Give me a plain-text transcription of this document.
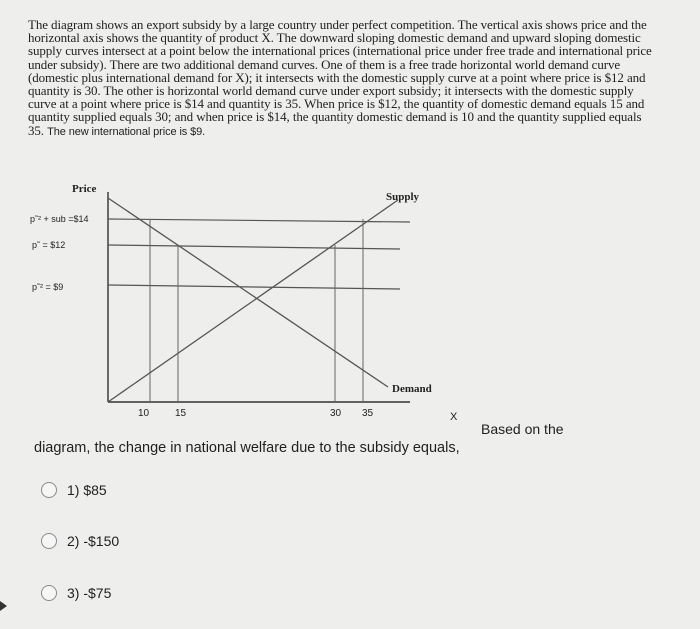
The diagram shows an export subsidy by a large country under perfect competition. The vertical axis shows price and the horizontal axis shows the quantity of product X. The downward sloping domestic demand and upward sloping domestic supply curves intersect at a point below the international prices (international price under free trade and international price under subsidy). There are two additional demand curves. One of them is a free trade horizontal world demand curve (domestic plus international demand for X); it intersects with the domestic supply curve at a point where price is $12 and quantity is 30. The other is horizontal world demand curve under export subsidy; it intersects with the domestic supply curve at a point where price is $14 and quantity is 35. When price is $12, the quantity of domestic demand equals 15 and quantity supplied equals 30; and when price is $14, the quantity domestic demand is 10 and the quantity supplied equals 35. The new international price is $9.
Price
p˜² + sub =$14
p˜ = $12
p˜² = $9
Supply
Demand
10	15	30 35	X
Based on the
diagram, the change in national welfare due to the subsidy equals,
1) $85
2) -$150
3) -$75
